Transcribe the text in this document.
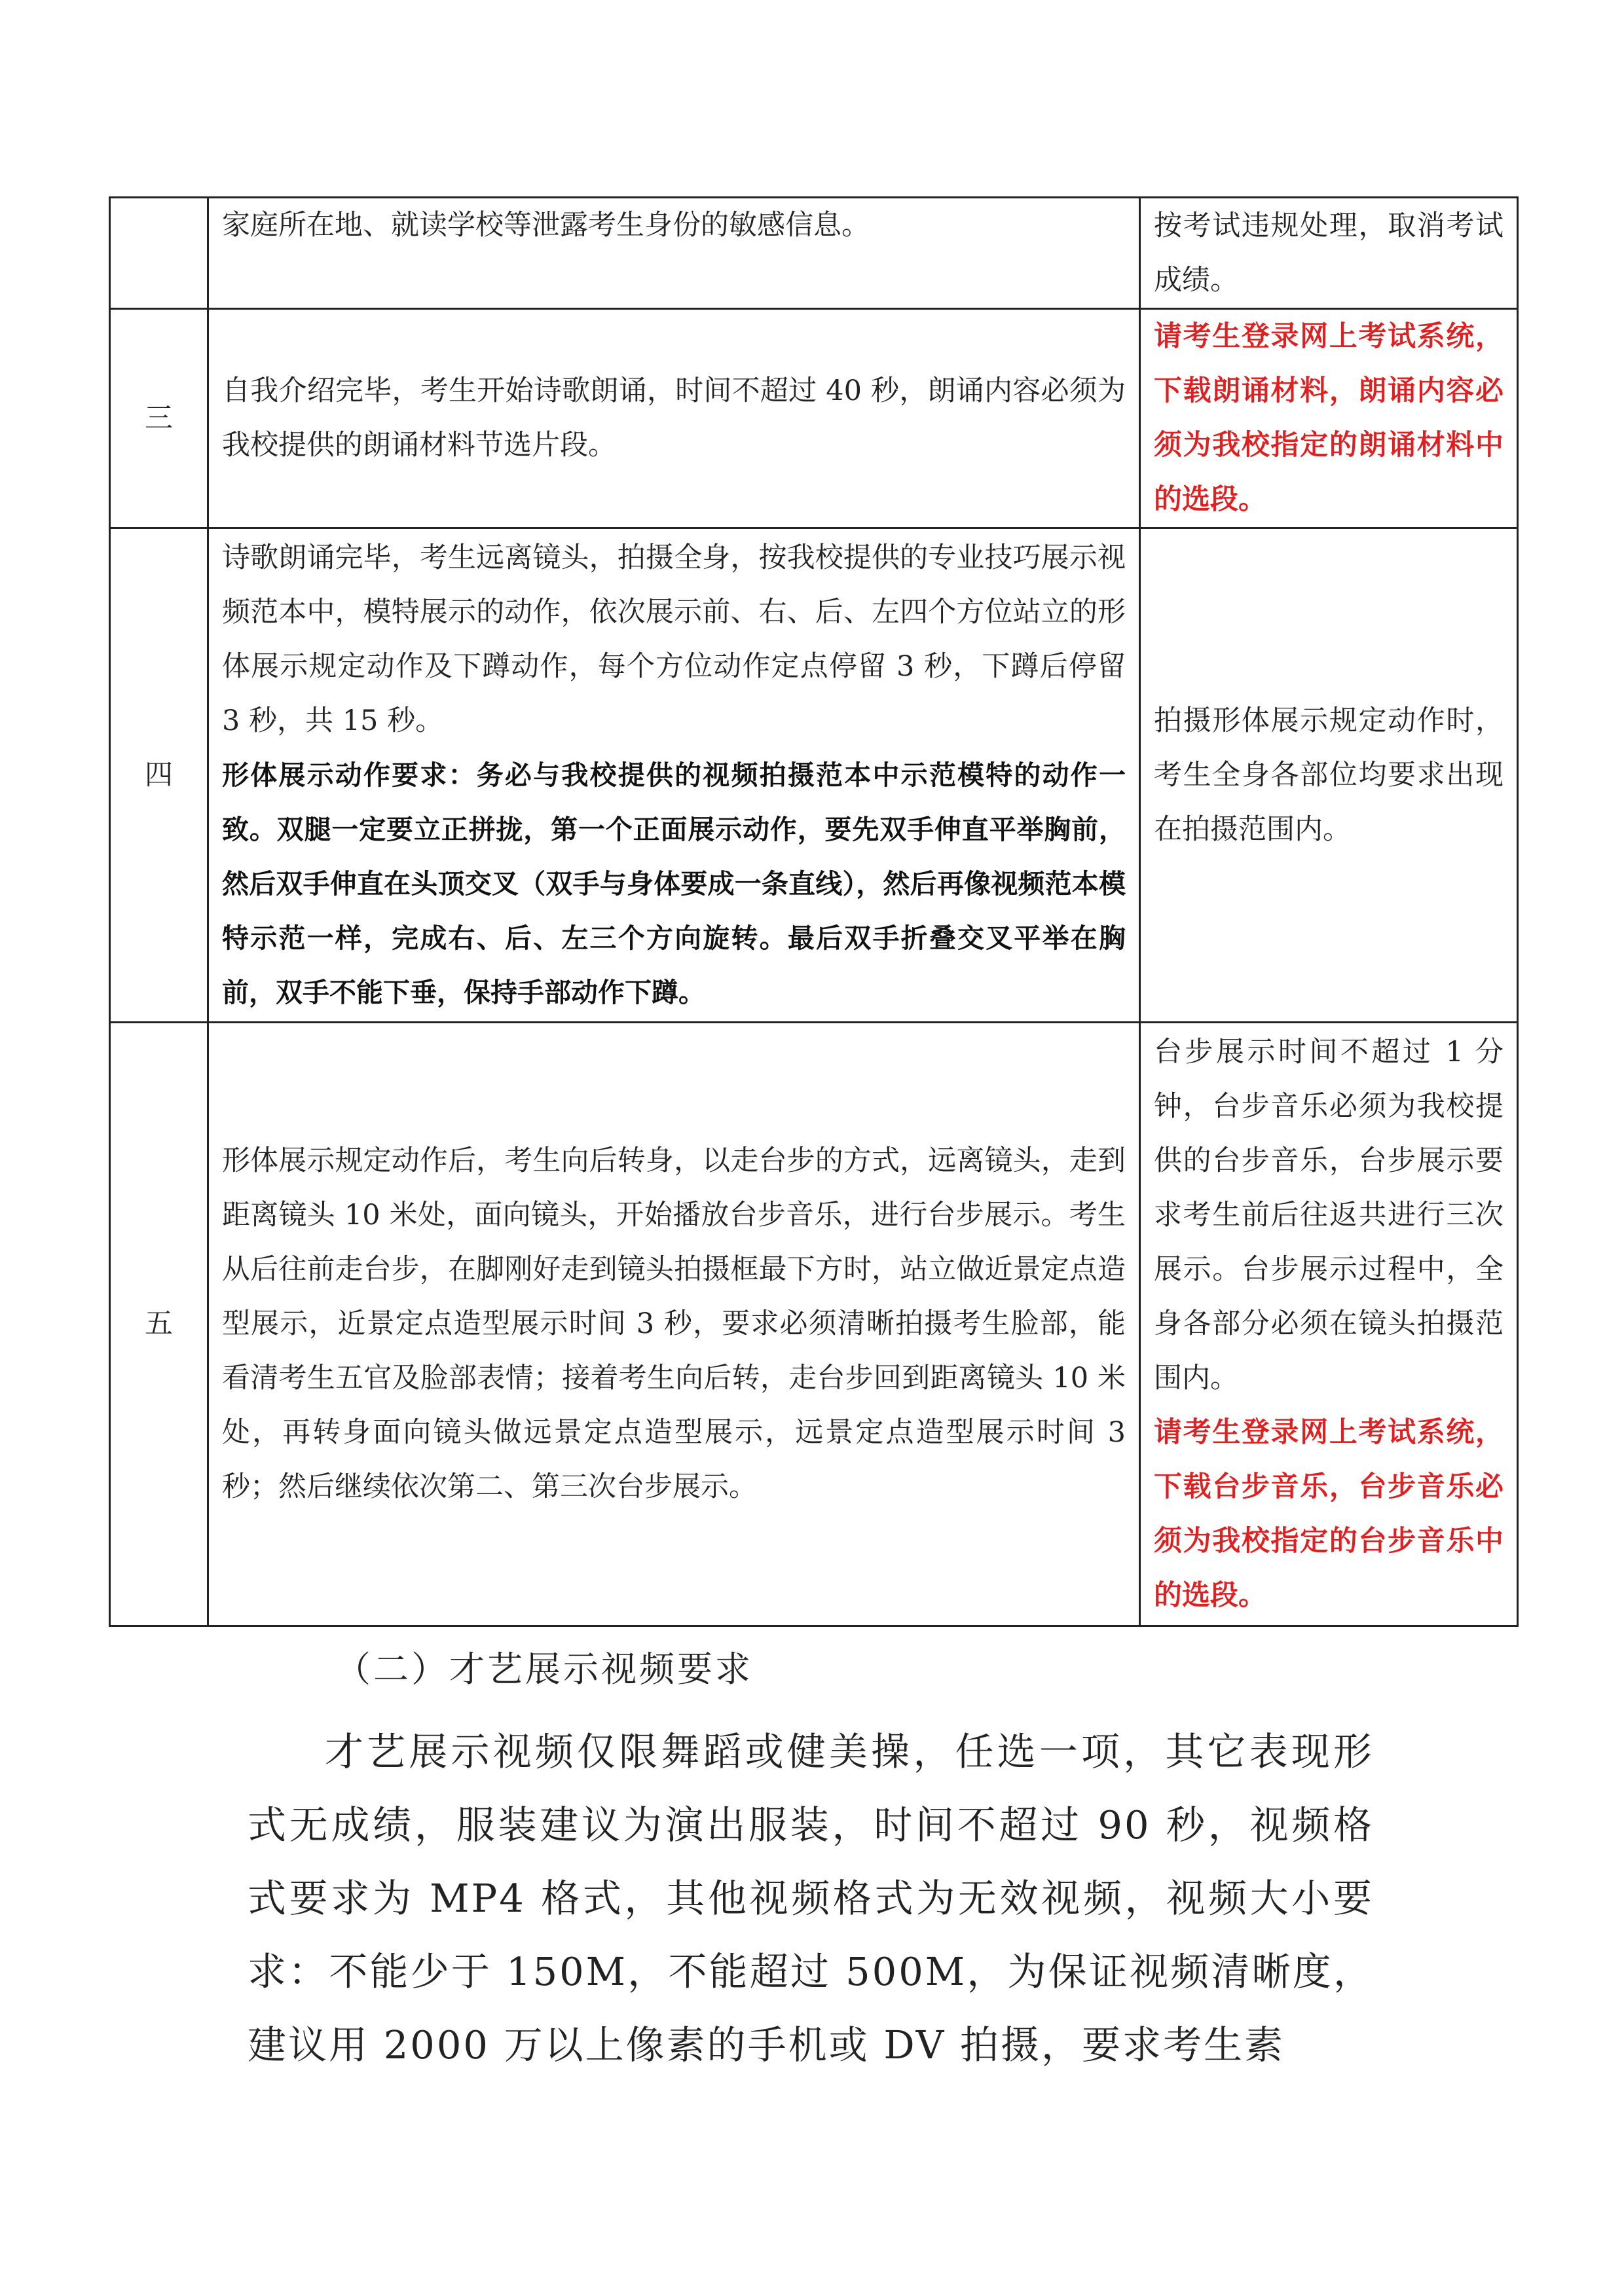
	家庭所在地、就读学校等泄露考生身份的敏感信息。	按考试违规处理，取消考试成绩。

三	自我介绍完毕，考生开始诗歌朗诵，时间不超过 40 秒，朗诵内容必须为我校提供的朗诵材料节选片段。	请考生登录网上考试系统，下载朗诵材料，朗诵内容必须为我校指定的朗诵材料中的选段。

四	诗歌朗诵完毕，考生远离镜头，拍摄全身，按我校提供的专业技巧展示视频范本中，模特展示的动作，依次展示前、右、后、左四个方位站立的形体展示规定动作及下蹲动作，每个方位动作定点停留 3 秒，下蹲后停留 3 秒，共 15 秒。
形体展示动作要求：务必与我校提供的视频拍摄范本中示范模特的动作一致。双腿一定要立正拼拢，第一个正面展示动作，要先双手伸直平举胸前，然后双手伸直在头顶交叉（双手与身体要成一条直线），然后再像视频范本模特示范一样，完成右、后、左三个方向旋转。最后双手折叠交叉平举在胸前，双手不能下垂，保持手部动作下蹲。	拍摄形体展示规定动作时，考生全身各部位均要求出现在拍摄范围内。

五	形体展示规定动作后，考生向后转身，以走台步的方式，远离镜头，走到距离镜头 10 米处，面向镜头，开始播放台步音乐，进行台步展示。考生从后往前走台步，在脚刚好走到镜头拍摄框最下方时，站立做近景定点造型展示，近景定点造型展示时间 3 秒，要求必须清晰拍摄考生脸部，能看清考生五官及脸部表情；接着考生向后转，走台步回到距离镜头 10 米处，再转身面向镜头做远景定点造型展示，远景定点造型展示时间 3 秒；然后继续依次第二、第三次台步展示。	台步展示时间不超过 1 分钟，台步音乐必须为我校提供的台步音乐，台步展示要求考生前后往返共进行三次展示。台步展示过程中，全身各部分必须在镜头拍摄范围内。
请考生登录网上考试系统，下载台步音乐，台步音乐必须为我校指定的台步音乐中的选段。
（二）才艺展示视频要求
才艺展示视频仅限舞蹈或健美操，任选一项，其它表现形式无成绩，服装建议为演出服装，时间不超过 90 秒，视频格式要求为 MP4 格式，其他视频格式为无效视频，视频大小要求：不能少于 150M，不能超过 500M，为保证视频清晰度，建议用 2000 万以上像素的手机或 DV 拍摄，要求考生素
